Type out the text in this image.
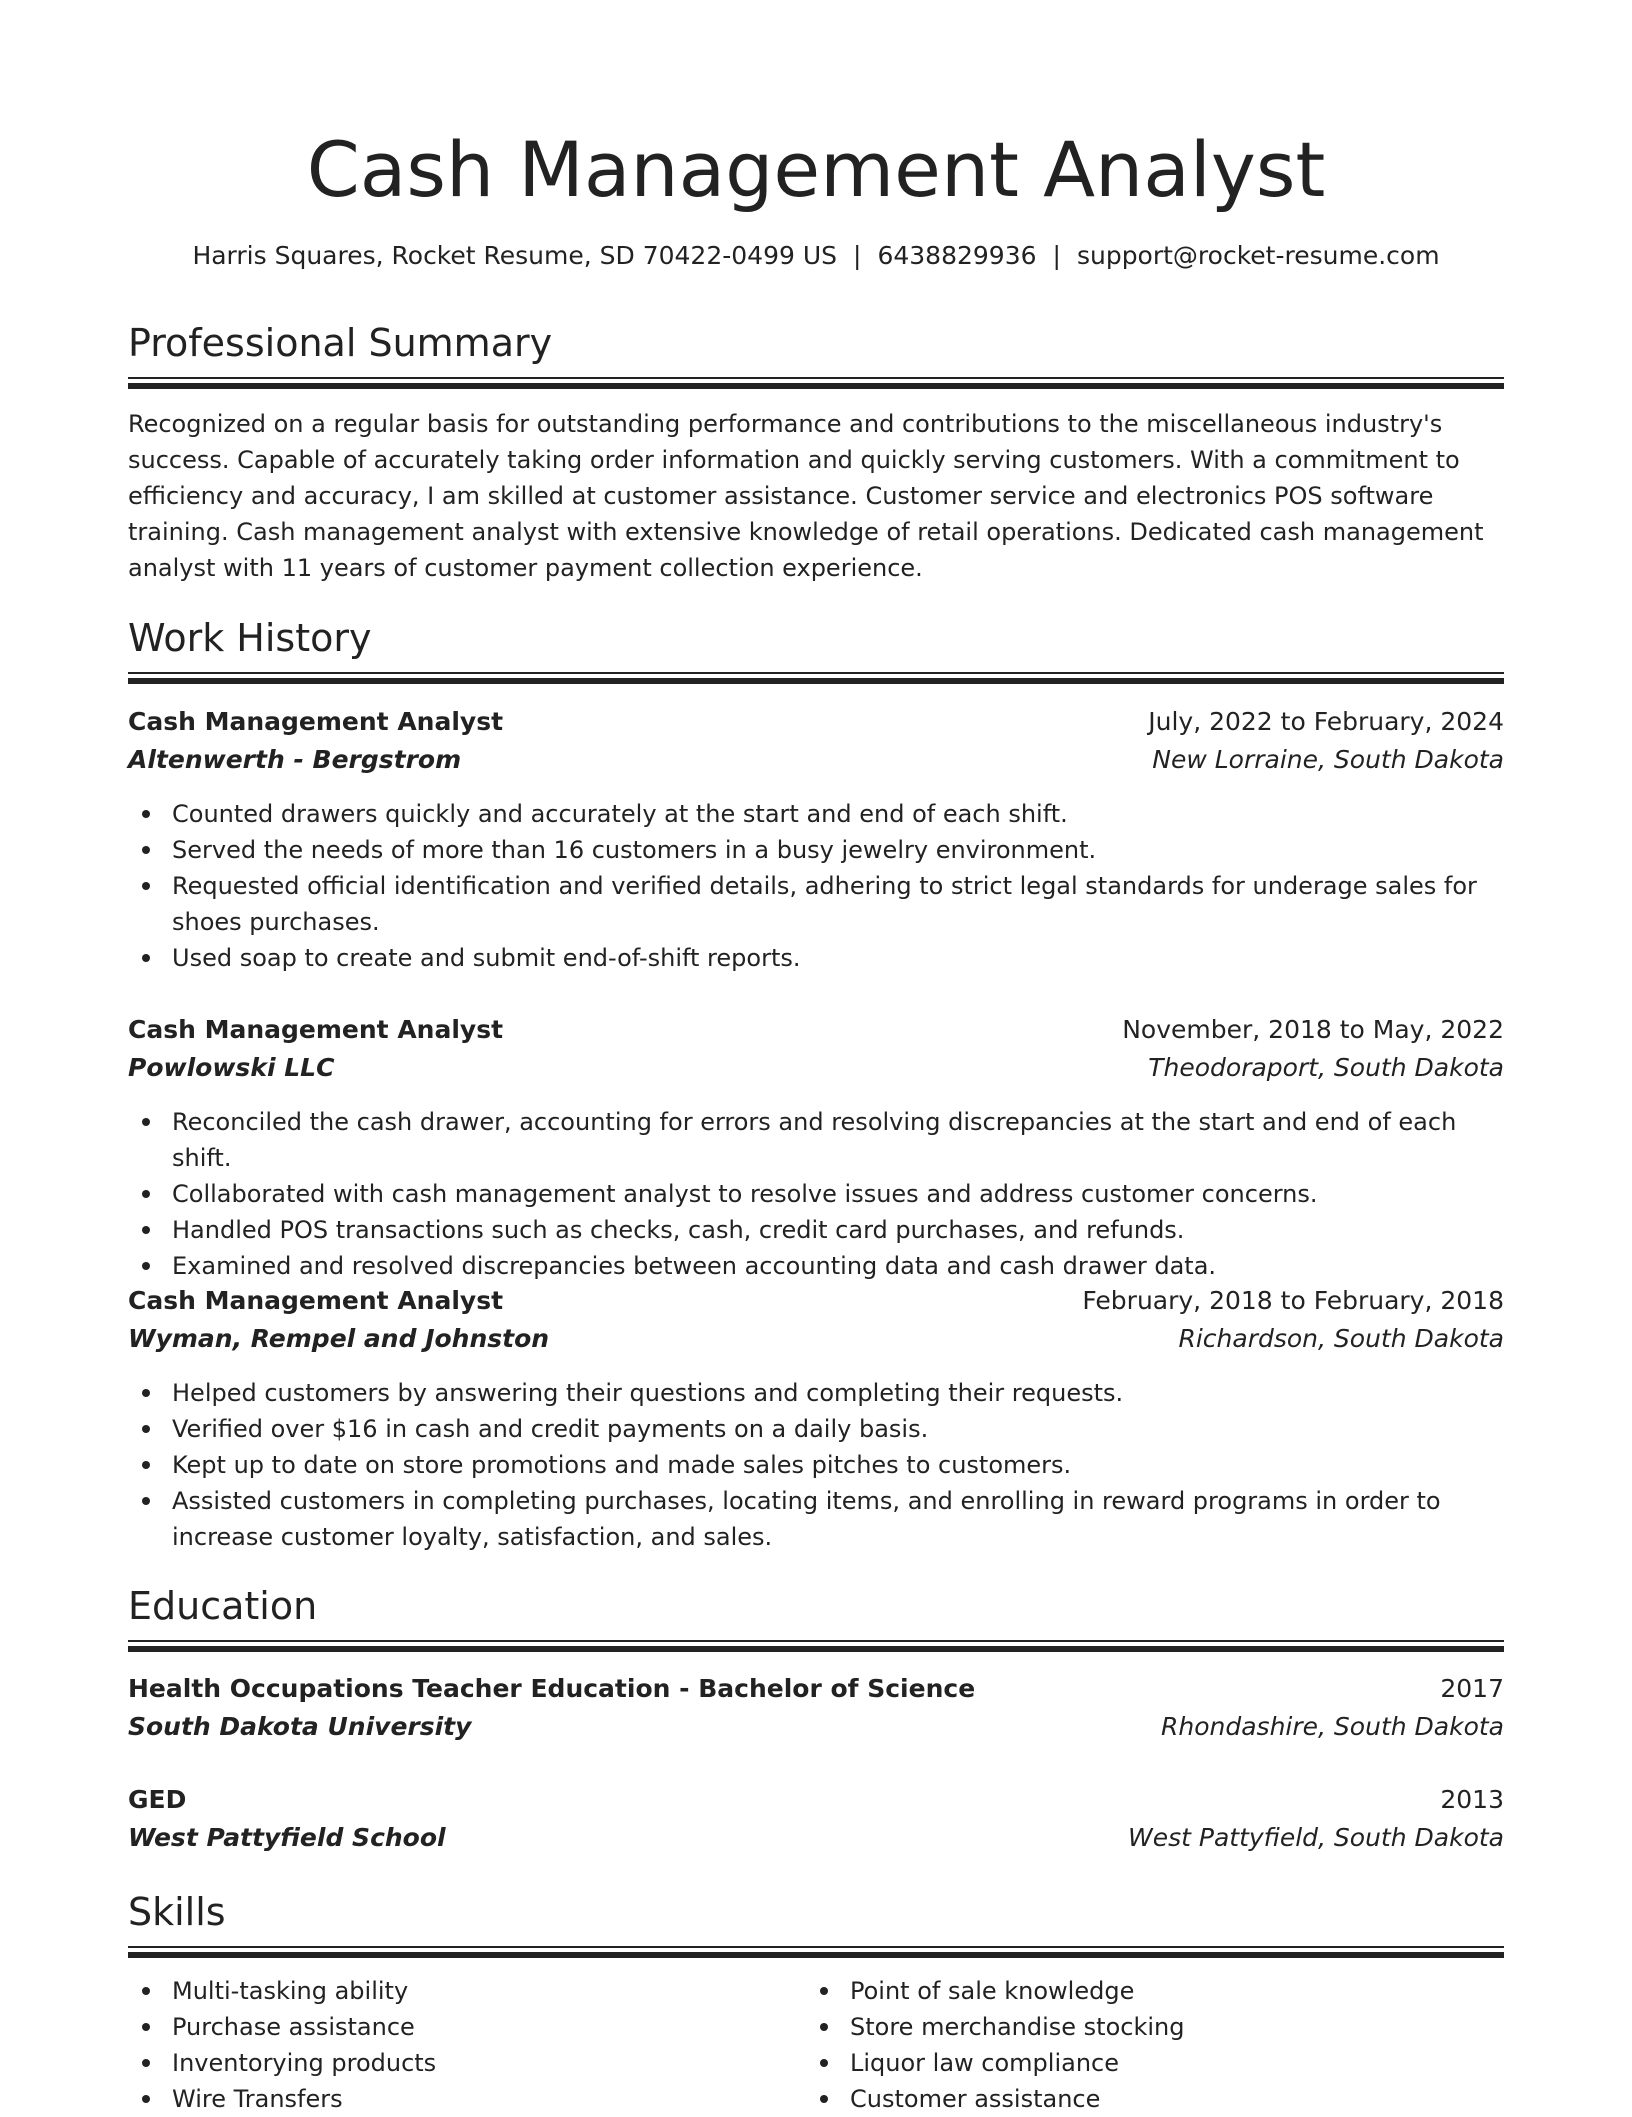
Cash Management Analyst
Harris Squares, Rocket Resume, SD 70422-0499 US | 6438829936 | support@rocket-resume.com
Professional Summary

Recognized on a regular basis for outstanding performance and contributions to the miscellaneous industry's success. Capable of accurately taking order information and quickly serving customers. With a commitment to efficiency and accuracy, I am skilled at customer assistance. Customer service and electronics POS software training. Cash management analyst with extensive knowledge of retail operations. Dedicated cash management analyst with 11 years of customer payment collection experience.

Work History
Cash Management Analyst	July, 2022 to February, 2024
Altenwerth - Bergstrom	New Lorraine, South Dakota
Counted drawers quickly and accurately at the start and end of each shift.
Served the needs of more than 16 customers in a busy jewelry environment.
Requested official identification and verified details, adhering to strict legal standards for underage sales for shoes purchases.
Used soap to create and submit end-of-shift reports.
Cash Management Analyst	November, 2018 to May, 2022
Powlowski LLC	Theodoraport, South Dakota
Reconciled the cash drawer, accounting for errors and resolving discrepancies at the start and end of each shift.
Collaborated with cash management analyst to resolve issues and address customer concerns.
Handled POS transactions such as checks, cash, credit card purchases, and refunds.
Examined and resolved discrepancies between accounting data and cash drawer data.
Cash Management Analyst	February, 2018 to February, 2018
Wyman, Rempel and Johnston	Richardson, South Dakota
Helped customers by answering their questions and completing their requests.
Verified over $16 in cash and credit payments on a daily basis.
Kept up to date on store promotions and made sales pitches to customers.
Assisted customers in completing purchases, locating items, and enrolling in reward programs in order to increase customer loyalty, satisfaction, and sales.
Education
Health Occupations Teacher Education - Bachelor of Science	2017
South Dakota University	Rhondashire, South Dakota
GED	2013
West Pattyfield School	West Pattyfield, South Dakota
Skills
Multi-tasking ability
Purchase assistance
Inventorying products
Wire Transfers
Point of sale knowledge
Store merchandise stocking
Liquor law compliance
Customer assistance
